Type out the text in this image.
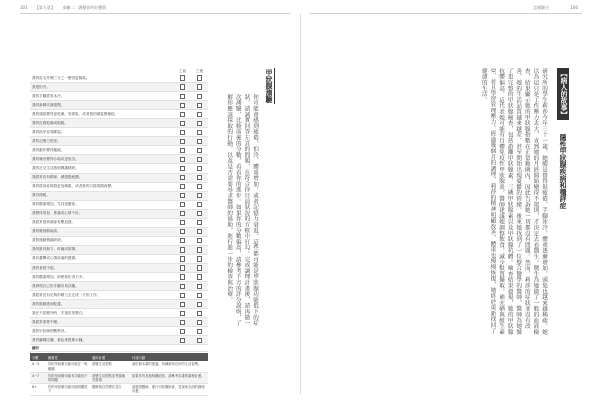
101 【第九章】 步驟二：調整你的好體質	怎樣解方	100
之前	之後
我的眉毛外側三分之一變得更稀疏。
我很怕冷。
我的手腳經常冰冷。
我的新陳代謝很慢。
我的頭髮變得更乾燥，易掉髮、或者我的頭髮變稀疏。
我的皮膚乾燥或粗糙。
我的指甲容易斷裂。
我的記憶力很差。
我的動作變得遲緩。
我的嗓音變得沙啞或更低沉。
我的社交生活感到興趣缺缺。
我經常沒有精神，總感覺疲憊。
我的經前症候群更加嚴重，或者我的月經周期改變。
我有便秘。
我的體重增加，尤其是腰部。
我變得易怒、焦慮或心情不好。
我經常感到頭部有壓迫感。
我的膽固醇偏高。
我對運動興趣缺缺。
我的肌肉無力、疼痛或痙攣。
我有憂鬱或心情低落的感覺。
我的食慾不振。
我的體重增加，即使我吃得不多。
我發現自己的手腳容易浮腫。
我經常沒有足夠的精力去完成一天的工作。
我的眼睛感到乾澀。
我在天氣變冷時，手指容易變白。
我經常需要午睡。
我的甲狀腺指數異常。
我的腳踝浮腫，看起來很像水腫。
總計
分數	嚴重性	適用計畫	付諸行動
0~3	你的甲狀腺功能可能在一般範圍	改變生活型態	請依照本書的建議，持續維持良好的生活習慣。
4~7	你的甲狀腺可能有功能低下的問題	改變生活型態並考慮補充營養	如果你有其他相關症狀，請參考本書的調理計畫。
8+	你的甲狀腺功能可能明顯低下	醫療與自然療法並行	請諮詢醫師，進行甲狀腺檢查，並採取全面的調理計畫。
甲狀腺測驗
你可能會感到疲倦、怕冷、體重增加，或者記憶力衰退。這些都可能是甲狀腺功能低下的症狀。請誠實回答左頁的問題，在符合你目前狀況的方框中打勾。完成調理計畫後，請再做一次測驗，比較前後的分數，看看你的進步。如果你的分數偏高，請參考下方的評分說明，了解你應該採取的行動，以及是否需要尋求醫師的協助，進行進一步的檢查與治療。
【病人的故事】
隱性甲狀腺疾病和穩評症
研究所的學生莉莎今年三十一歲，她總是覺得很疲倦，手腳冰冷，體重逐漸增加，頭髮也越來越稀疏。她以為這只是工作壓力太大，直到她的月經開始變得不規則，才決定去看醫生。醫生為她做了一般的血液檢查，結果顯示她的甲狀腺指數在正常範圍內，因此告訴她一切都沒有問題。然而，莉莎的症狀並沒有改善，她的生活品質越來越差，甚至開始出現憂鬱的情緒。後來她找到了一位整合醫學的醫師，醫師為她做了更完整的甲狀腺檢查，包括游離甲狀腺素、三碘甲狀腺素以及甲狀腺抗體。檢查結果發現，她的甲狀腺抗體偏高，這代表她可能有自體免疫性甲狀腺炎。醫師建議她調整飲食，減少麩質攝取，補充硒與維生素D，並且學習管理壓力。經過幾個月的調理，莉莎的精神明顯改善，體重也慢慢恢復，她終於重新找回了健康的生活。
